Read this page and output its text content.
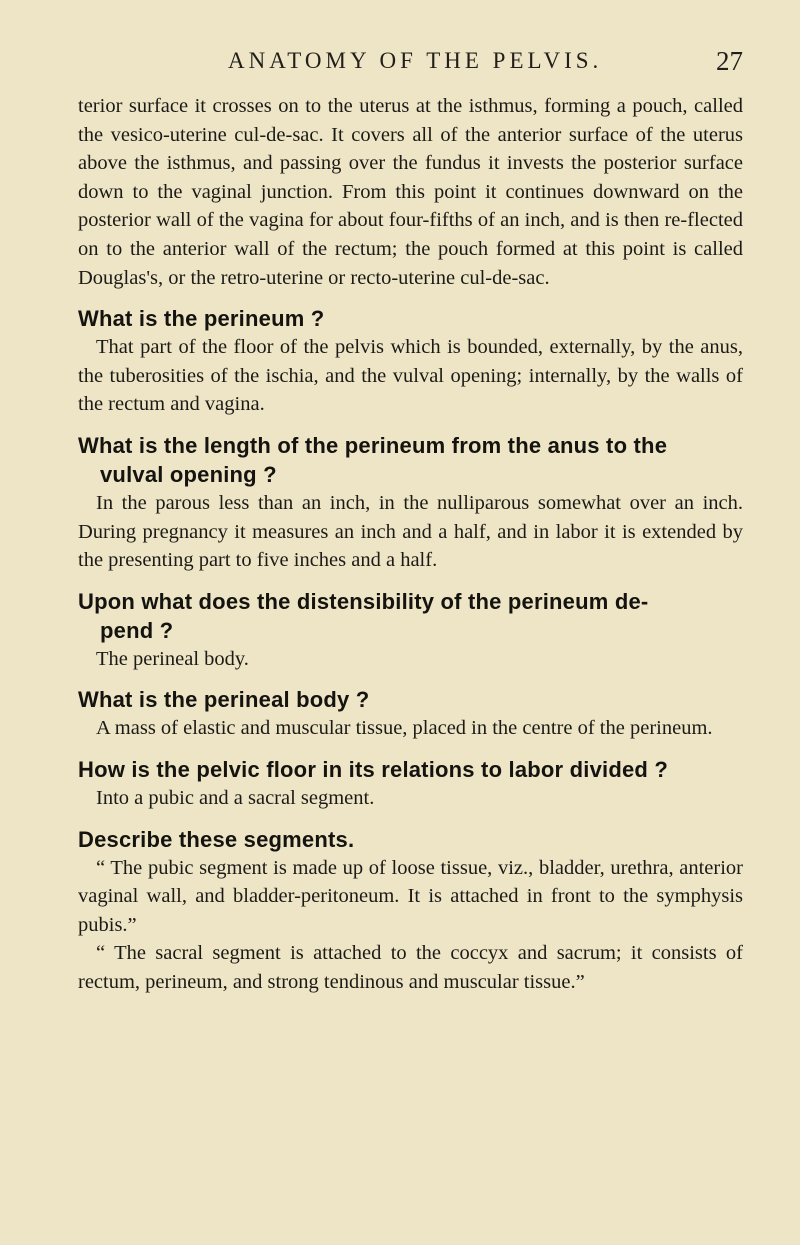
ANATOMY OF THE PELVIS.	27

terior surface it crosses on to the uterus at the isthmus, forming a pouch, called the vesico-uterine cul-de-sac. It covers all of the anterior surface of the uterus above the isthmus, and passing over the fundus it invests the posterior surface down to the vaginal junction. From this point it continues downward on the posterior wall of the vagina for about four-fifths of an inch, and is then re-flected on to the anterior wall of the rectum; the pouch formed at this point is called Douglas's, or the retro-uterine or recto-uterine cul-de-sac.

What is the perineum ?

That part of the floor of the pelvis which is bounded, externally, by the anus, the tuberosities of the ischia, and the vulval opening; internally, by the walls of the rectum and vagina.

What is the length of the perineum from the anus to the
vulval opening ?

In the parous less than an inch, in the nulliparous somewhat over an inch. During pregnancy it measures an inch and a half, and in labor it is extended by the presenting part to five inches and a half.

Upon what does the distensibility of the perineum de-
pend ?

The perineal body.

What is the perineal body ?

A mass of elastic and muscular tissue, placed in the centre of the perineum.

How is the pelvic floor in its relations to labor divided ?

Into a pubic and a sacral segment.

Describe these segments.

“ The pubic segment is made up of loose tissue, viz., bladder, urethra, anterior vaginal wall, and bladder-peritoneum. It is attached in front to the symphysis pubis.”

“ The sacral segment is attached to the coccyx and sacrum; it consists of rectum, perineum, and strong tendinous and muscular tissue.”
